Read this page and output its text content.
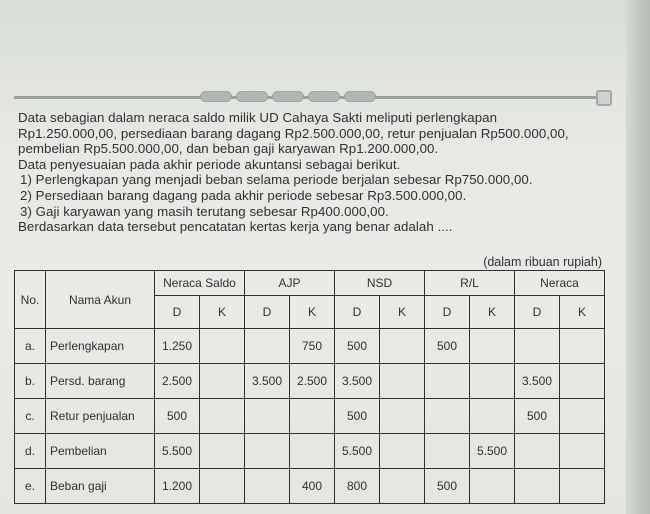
Data sebagian dalam neraca saldo milik UD Cahaya Sakti meliputi perlengkapan

Rp1.250.000,00, persediaan barang dagang Rp2.500.000,00, retur penjualan Rp500.000,00,

pembelian Rp5.500.000,00, dan beban gaji karyawan Rp1.200.000,00.

Data penyesuaian pada akhir periode akuntansi sebagai berikut.

1) Perlengkapan yang menjadi beban selama periode berjalan sebesar Rp750.000,00.

2) Persediaan barang dagang pada akhir periode sebesar Rp3.500.000,00.

3) Gaji karyawan yang masih terutang sebesar Rp400.000,00.

Berdasarkan data tersebut pencatatan kertas kerja yang benar adalah ....

(dalam ribuan rupiah)
No.	Nama Akun	Neraca Saldo		AJP		NSD		R/L		Neraca	
		D	K	D	K	D	K	D	K	D	K
a.	Perlengkapan	1.250			750	500		500			
b.	Persd. barang	2.500		3.500	2.500	3.500				3.500	
c.	Retur penjualan	500				500				500	
d.	Pembelian	5.500				5.500			5.500		
e.	Beban gaji	1.200			400	800		500			
